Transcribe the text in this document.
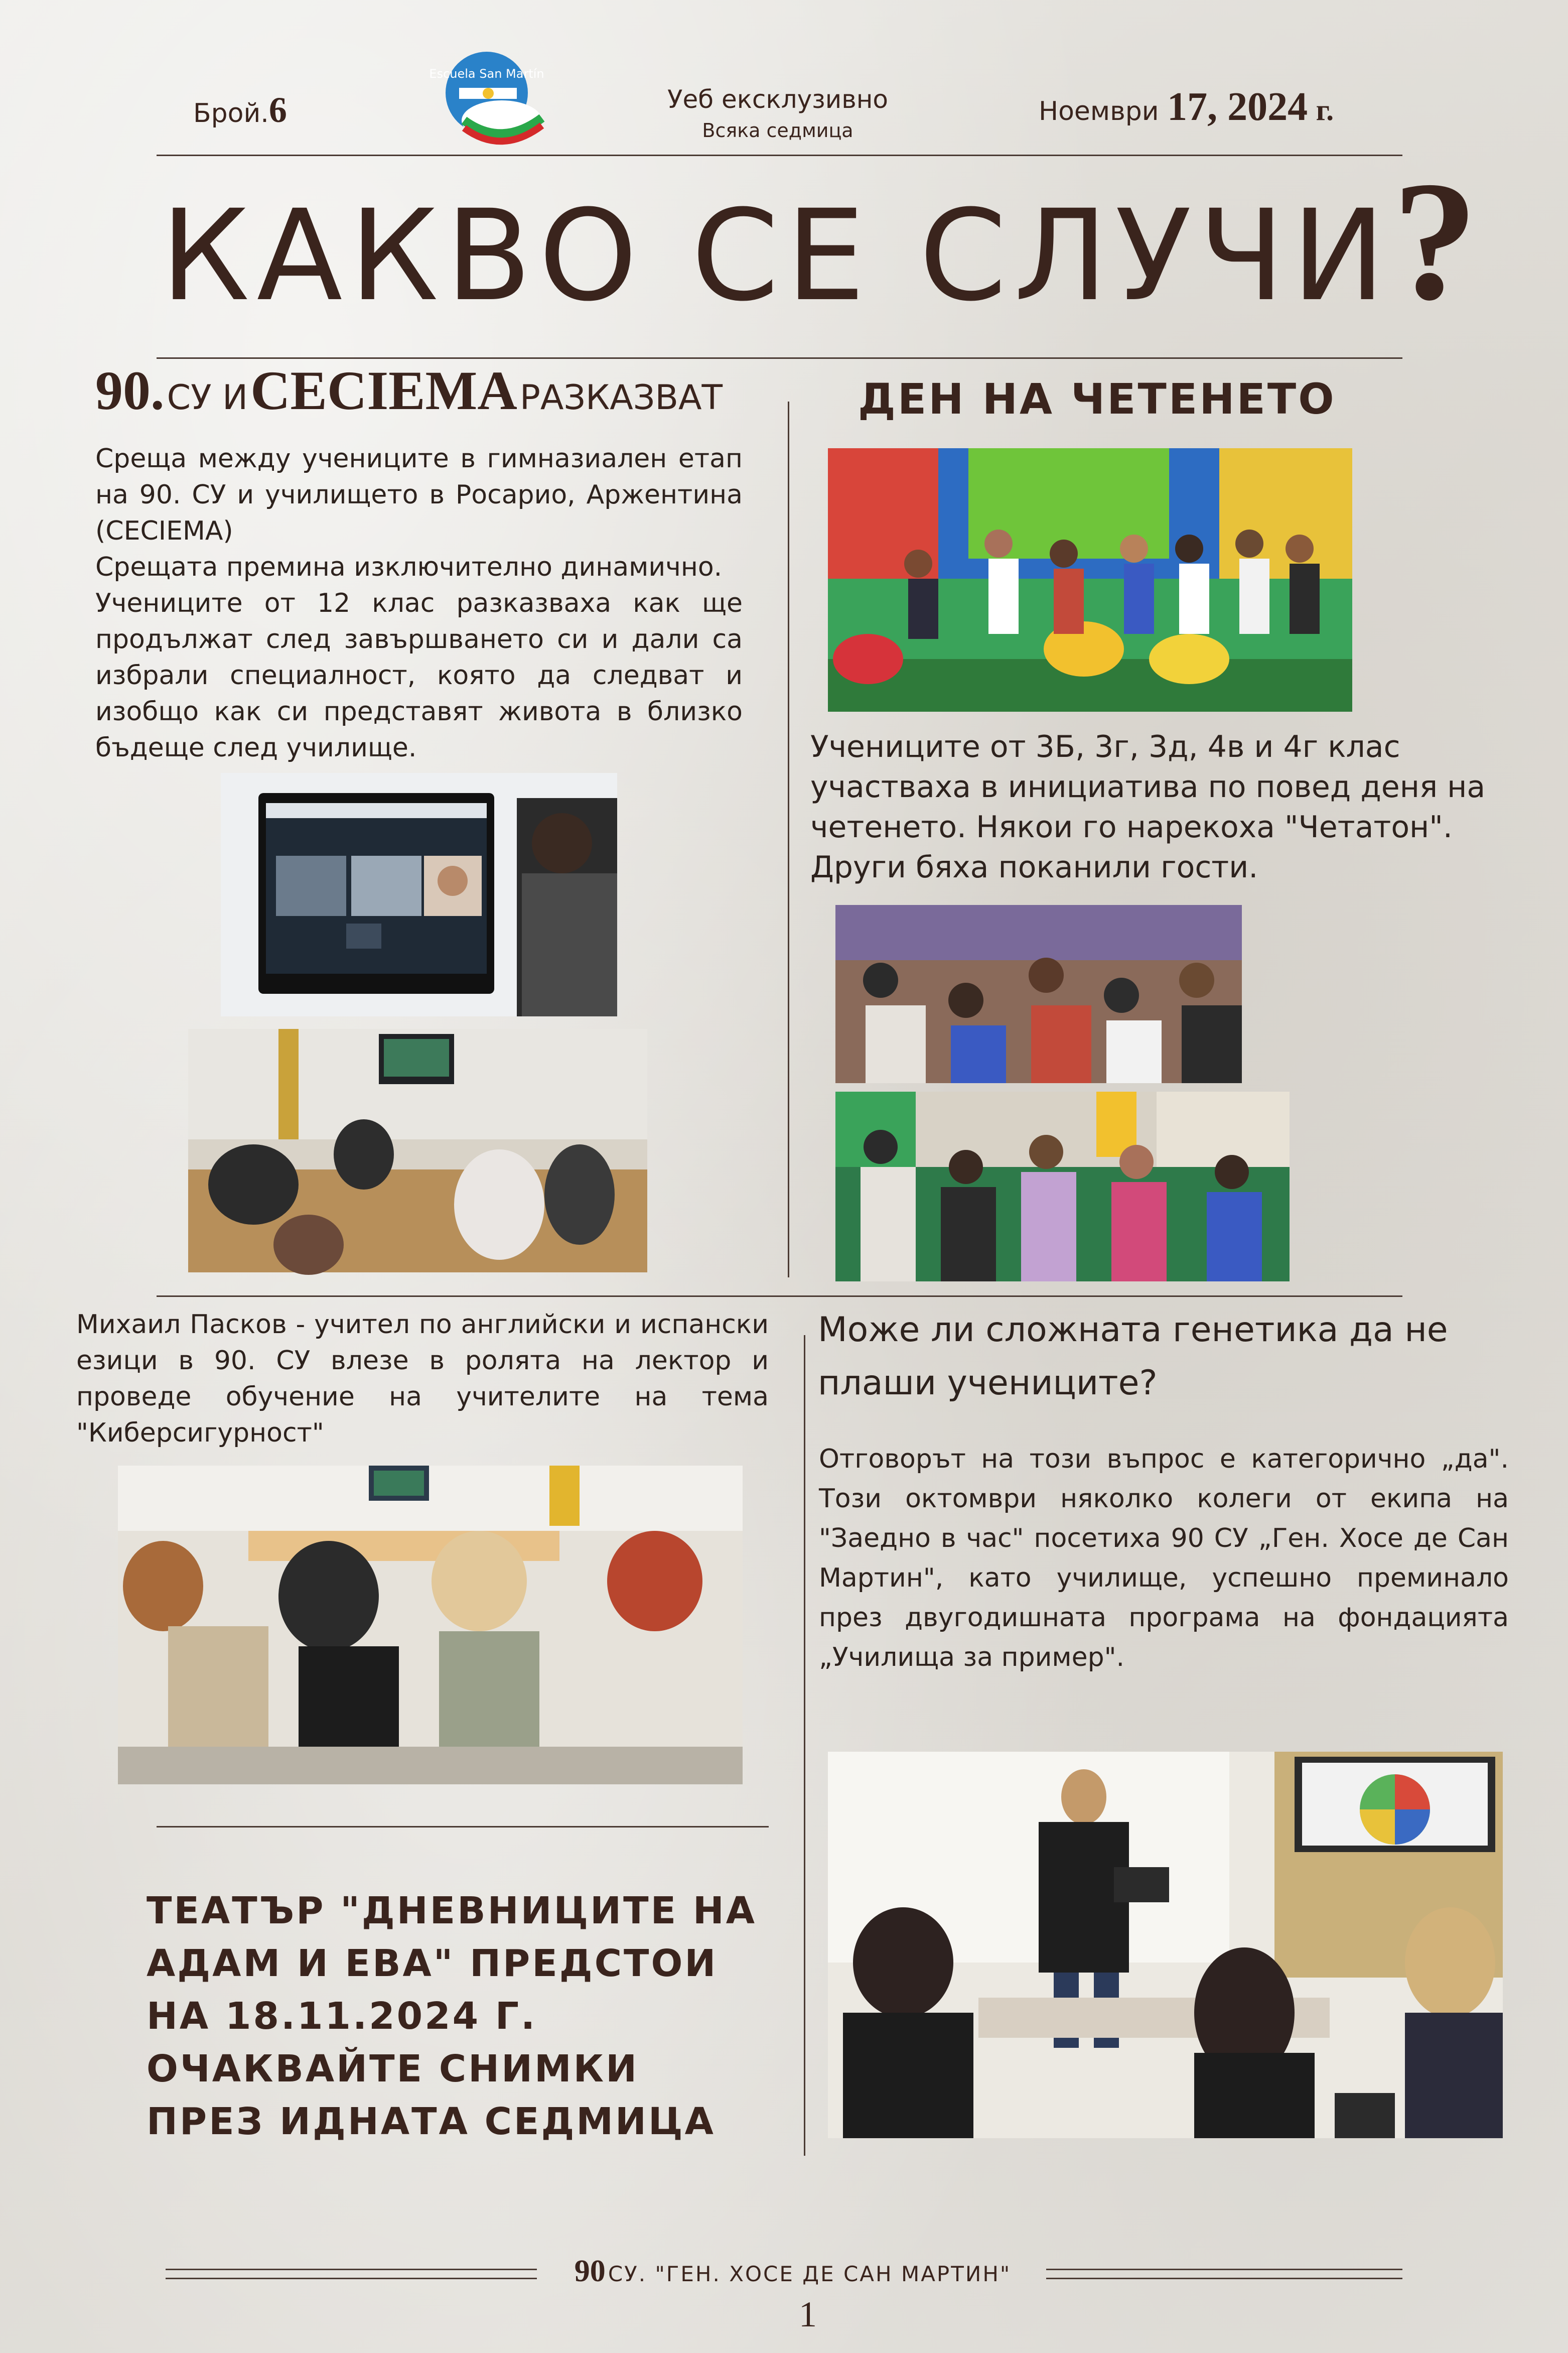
Брой.6
Escuela San Martín
Уеб ексклузивно
Всяка седмица
Ноември 17, 2024 г.
КАКВО СЕ СЛУЧИ?
90. СУ И CECIEMA РАЗКАЗВАТ

Среща между учениците в гимназиален етап на 90. СУ и училището в Росарио, Аржентина (CECIEMA)

Срещата премина изключително динамично.

Учениците от 12 клас разказваха как ще продължат след завършването си и дали са избрали специалност, която да следват и изобщо как си представят живота в близко бъдеще след училище.

ДЕН НА ЧЕТЕНЕТО

Учениците от 3Б, 3г, 3д, 4в и 4г клас участваха в инициатива по повед деня на четенето. Някои го нарекоха "Четатон". Други бяха поканили гости.

Михаил Пасков - учител по английски и испански езици в 90. СУ влезе в ролята на лектор и проведе обучение на учителите на тема "Киберсигурност"

Може ли сложната генетика да не плаши учениците?

Отговорът на този въпрос е категорично „да". Този октомври няколко колеги от екипа на "Заедно в час" посетиха 90 СУ „Ген. Хосе де Сан Мартин", като училище, успешно преминало през двугодишната програма на фондацията „Училища за пример".

ТЕАТЪР "ДНЕВНИЦИТЕ НА
АДАМ И ЕВА" ПРЕДСТОИ
НА 18.11.2024 Г.
ОЧАКВАЙТЕ СНИМКИ
ПРЕЗ ИДНАТА СЕДМИЦА
90 СУ. "ГЕН. ХОСЕ ДЕ САН МАРТИН"
1
